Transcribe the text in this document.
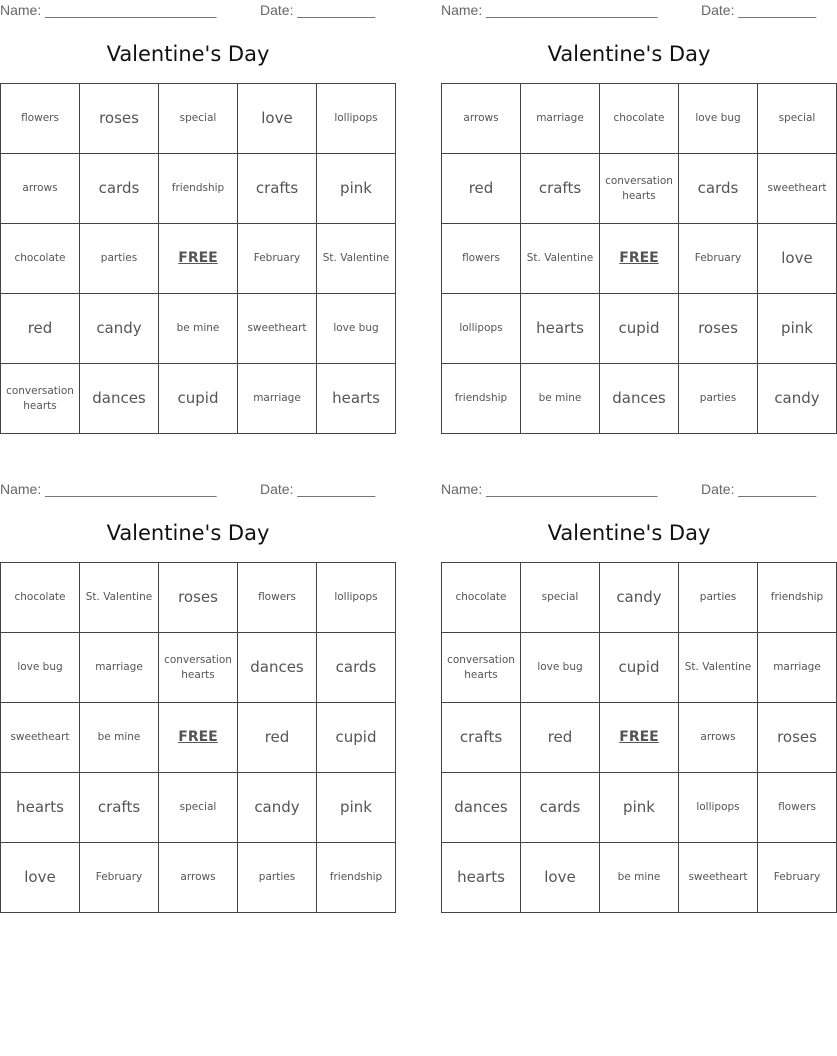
Name: ______________________	Date: __________
Valentine's Day
flowers	roses	special	love	lollipops
arrows	cards	friendship	crafts	pink
chocolate	parties	FREE	February	St. Valentine
red	candy	be mine	sweetheart	love bug
conversation hearts	dances	cupid	marriage	hearts
Name: ______________________	Date: __________
Valentine's Day
arrows	marriage	chocolate	love bug	special
red	crafts	conversation hearts	cards	sweetheart
flowers	St. Valentine	FREE	February	love
lollipops	hearts	cupid	roses	pink
friendship	be mine	dances	parties	candy
Name: ______________________	Date: __________
Valentine's Day
chocolate	St. Valentine	roses	flowers	lollipops
love bug	marriage	conversation hearts	dances	cards
sweetheart	be mine	FREE	red	cupid
hearts	crafts	special	candy	pink
love	February	arrows	parties	friendship
Name: ______________________	Date: __________
Valentine's Day
chocolate	special	candy	parties	friendship
conversation hearts	love bug	cupid	St. Valentine	marriage
crafts	red	FREE	arrows	roses
dances	cards	pink	lollipops	flowers
hearts	love	be mine	sweetheart	February
